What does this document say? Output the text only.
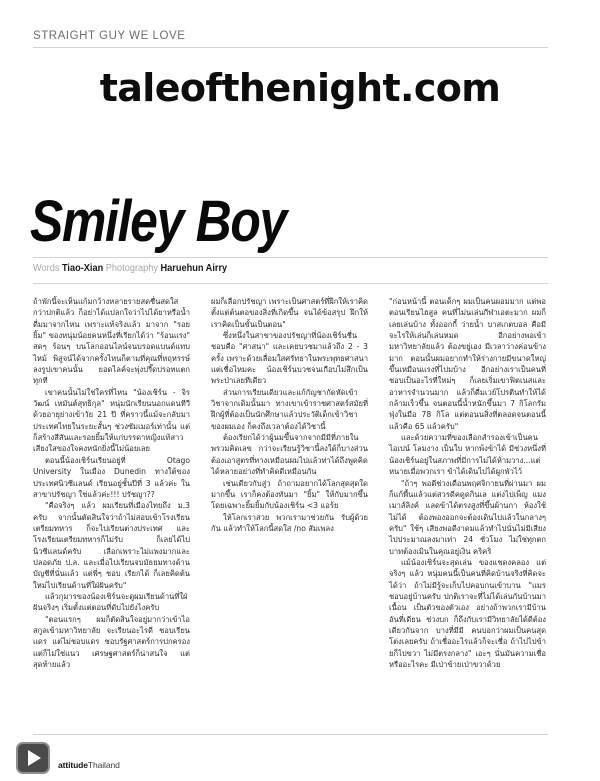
STRAIGHT GUY WE LOVE
taleofthenight.com
Smiley Boy
Words Tiao-Xian Photography Haruehun Airry

ถ้าพักนี้จะเห็นแก้มกว้างหลายรายสดชื่นสดใส กว่าปกติแล้ว ก็อย่าได้แปลกใจว่าไปได้ยาหรือน้ำดื่มมาจากไหน เพราะแท้จริงแล้ว มาจาก "รอยยิ้ม" ของหนุ่มน้อยคนหนึ่งที่เรียกได้ว่า "ร้อนแรง" สดๆ ร้อนๆ บนโลกออนไลน์จนบรอดแบนด์แทบไหม้ พิสูจน์ได้จากครั้งไหนก็ตามที่คุณที่หฤหรรษ์ลงรูปเขาคนนั้น ยอดไลค์จะพุ่งปรี๊ดปรอทแตกทุกที

เขาคนนั้นไม่ใช่ใครที่ไหน "น้องเชิร์น - จิรวัฒน์ เหมันต์สุทธิกุล" หนุ่มนักเรียนนอกแดนทีวี ด้วยอายุย่างเข้าวัย 21 ปี ที่คราวนี้แม้จะกลับมาประเทศไทยในระยะสั้นๆ ช่วงซัมเมอร์เท่านั้น แต่ก็สร้างสีสันและรอยยิ้มให้แก่บรรดาหญิงแท้สาวเสียงใสของใจคงหนักยิ่งนี้ไม่น้อยเลย

ตอนนี้น้องเชิร์นเรียนอยู่ที่ Otago University ในเมือง Dunedin ทางใต้ของประเทศนิวซีแลนด์ เรียนอยู่ชั้นปีที่ 3 แล้วค่ะ ในสาขาปรัชญา ใช่แล้วค่ะ!!! ปรัชญา??

"คือจริงๆ แล้ว ผมเรียนที่เมืองไทยถึง ม.3 ครับ จากนั้นตัดสินใจว่าถ้าไม่สอบเข้าโรงเรียนเตรียมทหาร ก็จะไปเรียนต่างประเทศ และโรงเรียนเตรียมทหารก็ไม่รับ ก็เลยได้ไปนิวซีแลนด์ครับ เลือกเพราะไม่แพงมากและปลอดภัย ป.ล. และเมื่อไปเรียนจบมัธยมทางด้านบัญชีที่นั่นแล้ว แต่พี่ๆ ชอบ เรียกได้ ก็เลยคิดต้นใหม่ไปเรียนด้านที่ใฝ่ฝันครับ"

แล้วกุมารของน้องเชิร์นจะดูผมเรียนด้านที่ใฝ่ฝันจริงๆ เริ่มตั้งแต่ตอนที่ดับไปยังไงครับ

"ตอนแรกๆ ผมก็ตัดสินใจอยู่มากว่าเข้าไอสกูลเข้ามหาวิทยาลัย จะเรียนอะไรดี ชอบเรียนแดร แต่ไม่ชอบแดร ชอบรัฐศาสตร์การปกครอง แต่ก็ไม่ใช่แนว เศรษฐศาสตร์ก็น่าสนใจ แต่สุดท้ายแล้ว

ผมก็เลือกปรัชญา เพราะเป็นศาสตร์ที่ฝึกให้เราคิดตั้งแต่ต้นตอของสิ่งที่เกิดขึ้น จนได้ข้อสรุป ฝึกให้เราคิดเป็นขั้นเป็นตอน"

ซึ่งหนึ่งในสาขาของปรัชญาที่น้องเชิร์นชื่นชอบคือ "ศาสนา" และเคยบวชมาแล้วถึง 2 - 3 ครั้ง เพราะด้วยเลื่อมใสศรัทธาในพระพุทธศาสนา แต่เชื่อไหมคะ น้องเชิร์นบวชจนเกือบไม่สึกเป็นพระป่าเลยทีเดียว

ส่วนการเรียนเดียวและแก้กัญชากัดหัดเข้าวิชาจากเดิมนั้นมา ทางเขาเข้าราชศาสตร์สมัยที่ฝึกผู้ที่ต้องเป็นนักศึกษาแล้วประวัติเด็กเข้าวิชาของผมเอง ก็คงถึงเวลาต้องได้วิชานี้

ต้องเรียกได้ว่าผู้นมขึ้นจากจากมีมีที่ภายในพรวมคิดเลข กว่าจะเรียนรู้วิชานี้ลงใด้ก็บางส่วนต้องเอาสูตรที่ทางเหมือนผมไปแล้วท่าได้ถึงพูดคิดได้หลายอย่างที่ทำคิดดีเหมือนกัน

เช่นเดียวกับสู่ว ถ้าถามอยากได้โลกสุดสุดใดมากขึ้น เราก็คงต้องทันมา "ยิ้ม" ให้กับมากขึ้น โดยเฉพาะยิ้มยิ้มกับน้องเชิร์น <3 แอร้ย

ให้โลกเราสวย พวกเรามาช่วยกัน รับผู้ด้วยกัน แล้วทำให้โลกนี้สดใส /no สัมเพลง

"ก่อนหน้านี้ ตอนเด็กๆ ผมเป็นคนผอมมาก แต่พอตอนเรียนไฮสูล คนที่ไม่นเล่นกีฬาเอตะมาก ผมก็เลยเล่นบ้าง ทั้งออกกี้ ว่ายน้ำ บาสเกตบอล คือมีจะไรให้เล่นก็เล่นหมด อีกอย่างพอเข้ามหาวิทยาลัยแล้ว ต้องขยู่เอง มีเวลาว่างค่อนข้างมาก ตอนนั้นผมอยากทำให้ร่างกายมีขนาดใหญ่ขึ้นเหมือนแรงที่ไปมบ้าง อีกอย่างเราเป็นคนที่ชอบเป็นอะไรที่ใหม่ๆ ก็เลยเริ่มเขาฟิตเนสและอาหารจำนวนมาก แล้วก็ดื่มเวย์โปรตีนทำให้ได้กล้ามเร็วขึ้น จนตอนนี้น้ำหนักขึ้นมา 7 กิโลกรัม ฟุ่งในมือ 78 กิโล แต่ตอนนสิ่งที่ตลอดจนตอนนี้แล้วคือ 65 แล้วครับ"

และด้วยความที่ของเลือกสำรองเข้าเป็นคนไอเปน์ โลมงาง เป็นใบ หากพ้งข้าได้ มีช่วงหนึ่งที่น้องเชิร์นอยู่ในสภาพที่มีการไม่ได้ห้ามวาง...แต่หนายเมื่อพวกเรา ข้าได้เดินไปได้ผูกพัวไว้

"ถ้าๆ พอดีช่วงเดือนพฤศจิกายนที่ผ่านมา ผมก็แก้พื้นแล้วแต่สวรดีคดูดกินเล แต่งไปเพ็ญ แมงเมาส์ลิงค์ แลดข้าได้ตรงสูงที่ขึ้นผ้านกา ห้องใช้ไม่ได้ ต้องพองออกจะต้องเดินไปแล้วในกลางๆ ครับ" ใช้ๆ เสียงพอดีงาดมแล้วทำไปนั่นไม่มีเสียงไปประมาณลงมาเท่า 24 ชั่วโมง ไม่ใช่ทุกตกบาทต้องเมินในคุณอยู่เงิน คริคริ

แม้น้องเชิร์นจะสุดเล่น ของแชดงคลอง แต่จริงๆ แล้ว หนุ่มคนนี้เป็นคนที่คิดบ้านจริงที่คิดจะได้ว่า ถ้าไม่มีรู้จะเก็บไปคอบกนเข้าบาน "แมรชอบอยู่บ้านครับ ปกติเราจะที่ไม่ได้เล่นกันบ้านมาเนื้อน เป็นตัวของตัวเอง อย่างถ้าพวกเรามีบ้านอันที่เดียน ช่วงบก ก็ถึงกับเรามีวิทยาลัยได้ดีต้องเดียวกันจาก บางที่มีมี คนบอกว่าผมเป็นคนสุดโต่งเลยครับ ถ้าเชื่ออะไรแล้วก็จะเชื่อ ถ้าไปไปข้ายก็ไปขวา ไม่มีตรงกลาง" เอะๆ นั่นมันความเชื่อหรืออะไรคะ มีเป่าข้ายเป่าขวาด้วย

attitudeThailand
